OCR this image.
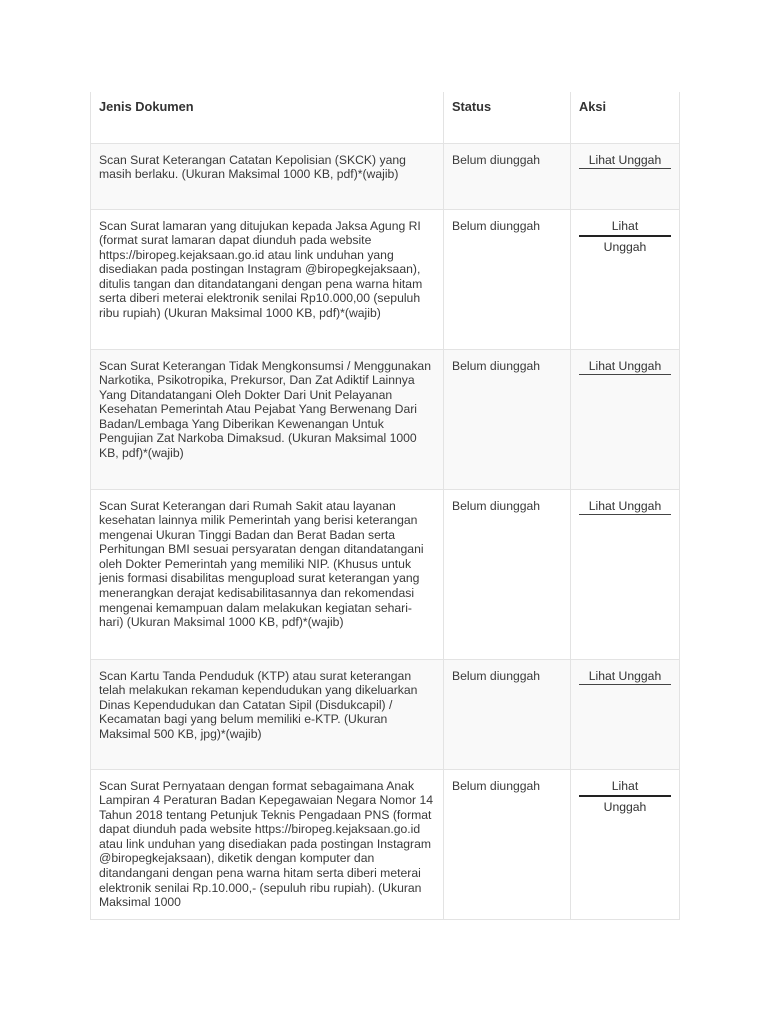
Jenis Dokumen	Status	Aksi

Scan Surat Keterangan Catatan Kepolisian (SKCK) yang masih berlaku. (Ukuran Maksimal 1000 KB, pdf)*(wajib)	Belum diunggah	Lihat Unggah

Scan Surat lamaran yang ditujukan kepada Jaksa Agung RI (format surat lamaran dapat diunduh pada website https://biropeg.kejaksaan.go.id atau link unduhan yang disediakan pada postingan Instagram @biropegkejaksaan), ditulis tangan dan ditandatangani dengan pena warna hitam serta diberi meterai elektronik senilai Rp10.000,00 (sepuluh ribu rupiah) (Ukuran Maksimal 1000 KB, pdf)*(wajib)	Belum diunggah	Lihat
Unggah

Scan Surat Keterangan Tidak Mengkonsumsi / Menggunakan Narkotika, Psikotropika, Prekursor, Dan Zat Adiktif Lainnya Yang Ditandatangani Oleh Dokter Dari Unit Pelayanan Kesehatan Pemerintah Atau Pejabat Yang Berwenang Dari Badan/Lembaga Yang Diberikan Kewenangan Untuk Pengujian Zat Narkoba Dimaksud. (Ukuran Maksimal 1000 KB, pdf)*(wajib)	Belum diunggah	Lihat Unggah

Scan Surat Keterangan dari Rumah Sakit atau layanan kesehatan lainnya milik Pemerintah yang berisi keterangan mengenai Ukuran Tinggi Badan dan Berat Badan serta Perhitungan BMI sesuai persyaratan dengan ditandatangani oleh Dokter Pemerintah yang memiliki NIP. (Khusus untuk jenis formasi disabilitas mengupload surat keterangan yang menerangkan derajat kedisabilitasannya dan rekomendasi mengenai kemampuan dalam melakukan kegiatan sehari-hari) (Ukuran Maksimal 1000 KB, pdf)*(wajib)	Belum diunggah	Lihat Unggah

Scan Kartu Tanda Penduduk (KTP) atau surat keterangan telah melakukan rekaman kependudukan yang dikeluarkan Dinas Kependudukan dan Catatan Sipil (Disdukcapil) / Kecamatan bagi yang belum memiliki e-KTP. (Ukuran Maksimal 500 KB, jpg)*(wajib)	Belum diunggah	Lihat Unggah

Scan Surat Pernyataan dengan format sebagaimana Anak Lampiran 4 Peraturan Badan Kepegawaian Negara Nomor 14 Tahun 2018 tentang Petunjuk Teknis Pengadaan PNS (format dapat diunduh pada website https://biropeg.kejaksaan.go.id atau link unduhan yang disediakan pada postingan Instagram @biropegkejaksaan), diketik dengan komputer dan ditandangani dengan pena warna hitam serta diberi meterai elektronik senilai Rp.10.000,- (sepuluh ribu rupiah). (Ukuran Maksimal 1000	Belum diunggah	Lihat
Unggah
